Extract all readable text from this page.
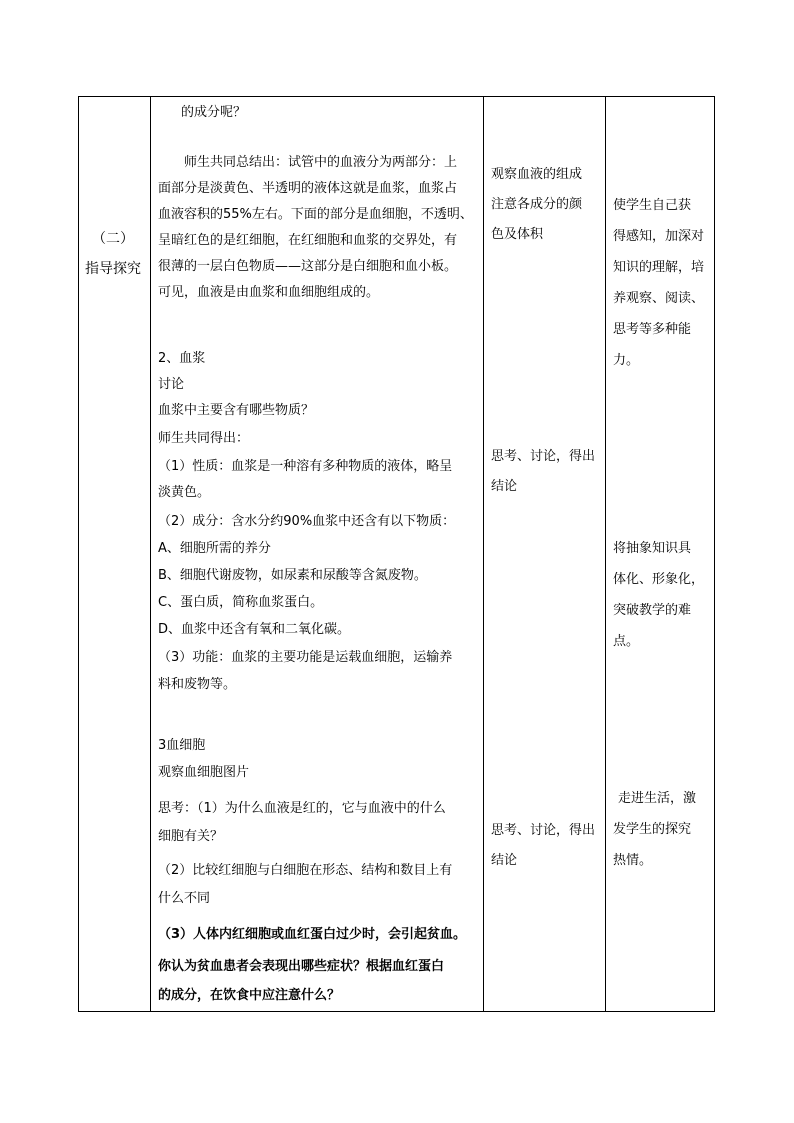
（二）
指导探究
的成分呢？
师生共同总结出：试管中的血液分为两部分：上
面部分是淡黄色、半透明的液体这就是血浆，血浆占
血液容积的55%左右。下面的部分是血细胞，不透明、
呈暗红色的是红细胞，在红细胞和血浆的交界处，有
很薄的一层白色物质——这部分是白细胞和血小板。
可见，血液是由血浆和血细胞组成的。
2、血浆
讨论
血浆中主要含有哪些物质？
师生共同得出：
（1）性质：血浆是一种溶有多种物质的液体，略呈
淡黄色。
（2）成分：含水分约90%血浆中还含有以下物质：
A、细胞所需的养分
B、细胞代谢废物，如尿素和尿酸等含氮废物。
C、蛋白质，简称血浆蛋白。
D、血浆中还含有氧和二氧化碳。
（3）功能：血浆的主要功能是运载血细胞，运输养
料和废物等。
3血细胞
观察血细胞图片
思考：（1）为什么血液是红的，它与血液中的什么
细胞有关？
（2）比较红细胞与白细胞在形态、结构和数目上有
什么不同
（3）人体内红细胞或血红蛋白过少时，会引起贫血。
你认为贫血患者会表现出哪些症状？根据血红蛋白
的成分，在饮食中应注意什么？
观察血液的组成
注意各成分的颜
色及体积
思考、讨论，得出
结论
思考、讨论，得出
结论
使学生自己获
得感知，加深对
知识的理解，培
养观察、阅读、
思考等多种能
力。
将抽象知识具
体化、形象化，
突破教学的难
点。
走进生活，激
发学生的探究
热情。
